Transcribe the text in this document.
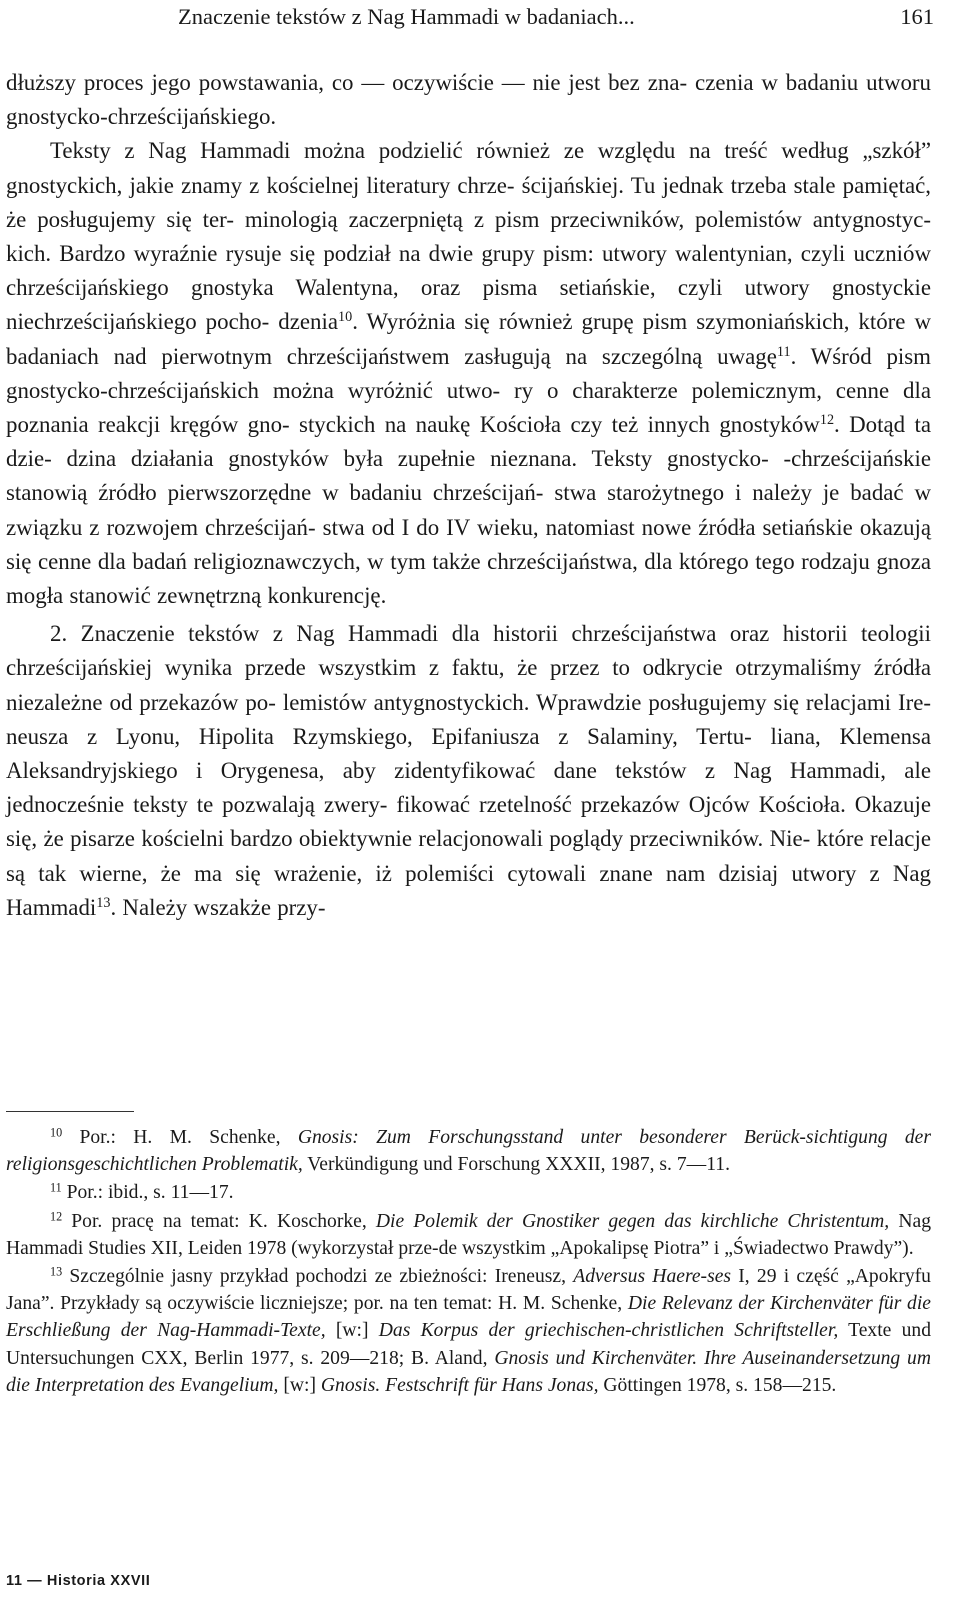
Znaczenie tekstów z Nag Hammadi w badaniach...	161

dłuższy proces jego powstawania, co — oczywiście — nie jest bez zna- czenia w badaniu utworu gnostycko-chrześcijańskiego.

Teksty z Nag Hammadi można podzielić również ze względu na treść według „szkół” gnostyckich, jakie znamy z kościelnej literatury chrze- ścijańskiej. Tu jednak trzeba stale pamiętać, że posługujemy się ter- minologią zaczerpniętą z pism przeciwników, polemistów antygnostyc- kich. Bardzo wyraźnie rysuje się podział na dwie grupy pism: utwory walentynian, czyli uczniów chrześcijańskiego gnostyka Walentyna, oraz pisma setiańskie, czyli utwory gnostyckie niechrześcijańskiego pocho- dzenia$^{10}$. Wyróżnia się również grupę pism szymoniańskich, które w badaniach nad pierwotnym chrześcijaństwem zasługują na szczególną uwagę$^{11}$. Wśród pism gnostycko-chrześcijańskich można wyróżnić utwo- ry o charakterze polemicznym, cenne dla poznania reakcji kręgów gno- styckich na naukę Kościoła czy też innych gnostyków$^{12}$. Dotąd ta dzie- dzina działania gnostyków była zupełnie nieznana. Teksty gnostycko- -chrześcijańskie stanowią źródło pierwszorzędne w badaniu chrześcijań- stwa starożytnego i należy je badać w związku z rozwojem chrześcijań- stwa od I do IV wieku, natomiast nowe źródła setiańskie okazują się cenne dla badań religioznawczych, w tym także chrześcijaństwa, dla którego tego rodzaju gnoza mogła stanowić zewnętrzną konkurencję.

2. Znaczenie tekstów z Nag Hammadi dla historii chrześcijaństwa oraz historii teologii chrześcijańskiej wynika przede wszystkim z faktu, że przez to odkrycie otrzymaliśmy źródła niezależne od przekazów po- lemistów antygnostyckich. Wprawdzie posługujemy się relacjami Ire- neusza z Lyonu, Hipolita Rzymskiego, Epifaniusza z Salaminy, Tertu- liana, Klemensa Aleksandryjskiego i Orygenesa, aby zidentyfikować dane tekstów z Nag Hammadi, ale jednocześnie teksty te pozwalają zwery- fikować rzetelność przekazów Ojców Kościoła. Okazuje się, że pisarze kościelni bardzo obiektywnie relacjonowali poglądy przeciwników. Nie- które relacje są tak wierne, że ma się wrażenie, iż polemiści cytowali znane nam dzisiaj utwory z Nag Hammadi$^{13}$. Należy wszakże przy-

$^{10}$ Por.: H. M. Schenke, Gnosis: Zum Forschungsstand unter besonderer Berück-sichtigung der religionsgeschichtlichen Problematik, Verkündigung und Forschung XXXII, 1987, s. 7—11.

$^{11}$ Por.: ibid., s. 11—17.

$^{12}$ Por. pracę na temat: K. Koschorke, Die Polemik der Gnostiker gegen das kirchliche Christentum, Nag Hammadi Studies XII, Leiden 1978 (wykorzystał prze-de wszystkim „Apokalipsę Piotra” i „Świadectwo Prawdy”).

$^{13}$ Szczególnie jasny przykład pochodzi ze zbieżności: Ireneusz, Adversus Haere-ses I, 29 i część „Apokryfu Jana”. Przykłady są oczywiście liczniejsze; por. na ten temat: H. M. Schenke, Die Relevanz der Kirchenväter für die Erschließung der Nag-Hammadi-Texte, [w:] Das Korpus der griechischen-christlichen Schriftsteller, Texte und Untersuchungen CXX, Berlin 1977, s. 209—218; B. Aland, Gnosis und Kirchenväter. Ihre Auseinandersetzung um die Interpretation des Evangelium, [w:] Gnosis. Festschrift für Hans Jonas, Göttingen 1978, s. 158—215.

11 — Historia XXVII
